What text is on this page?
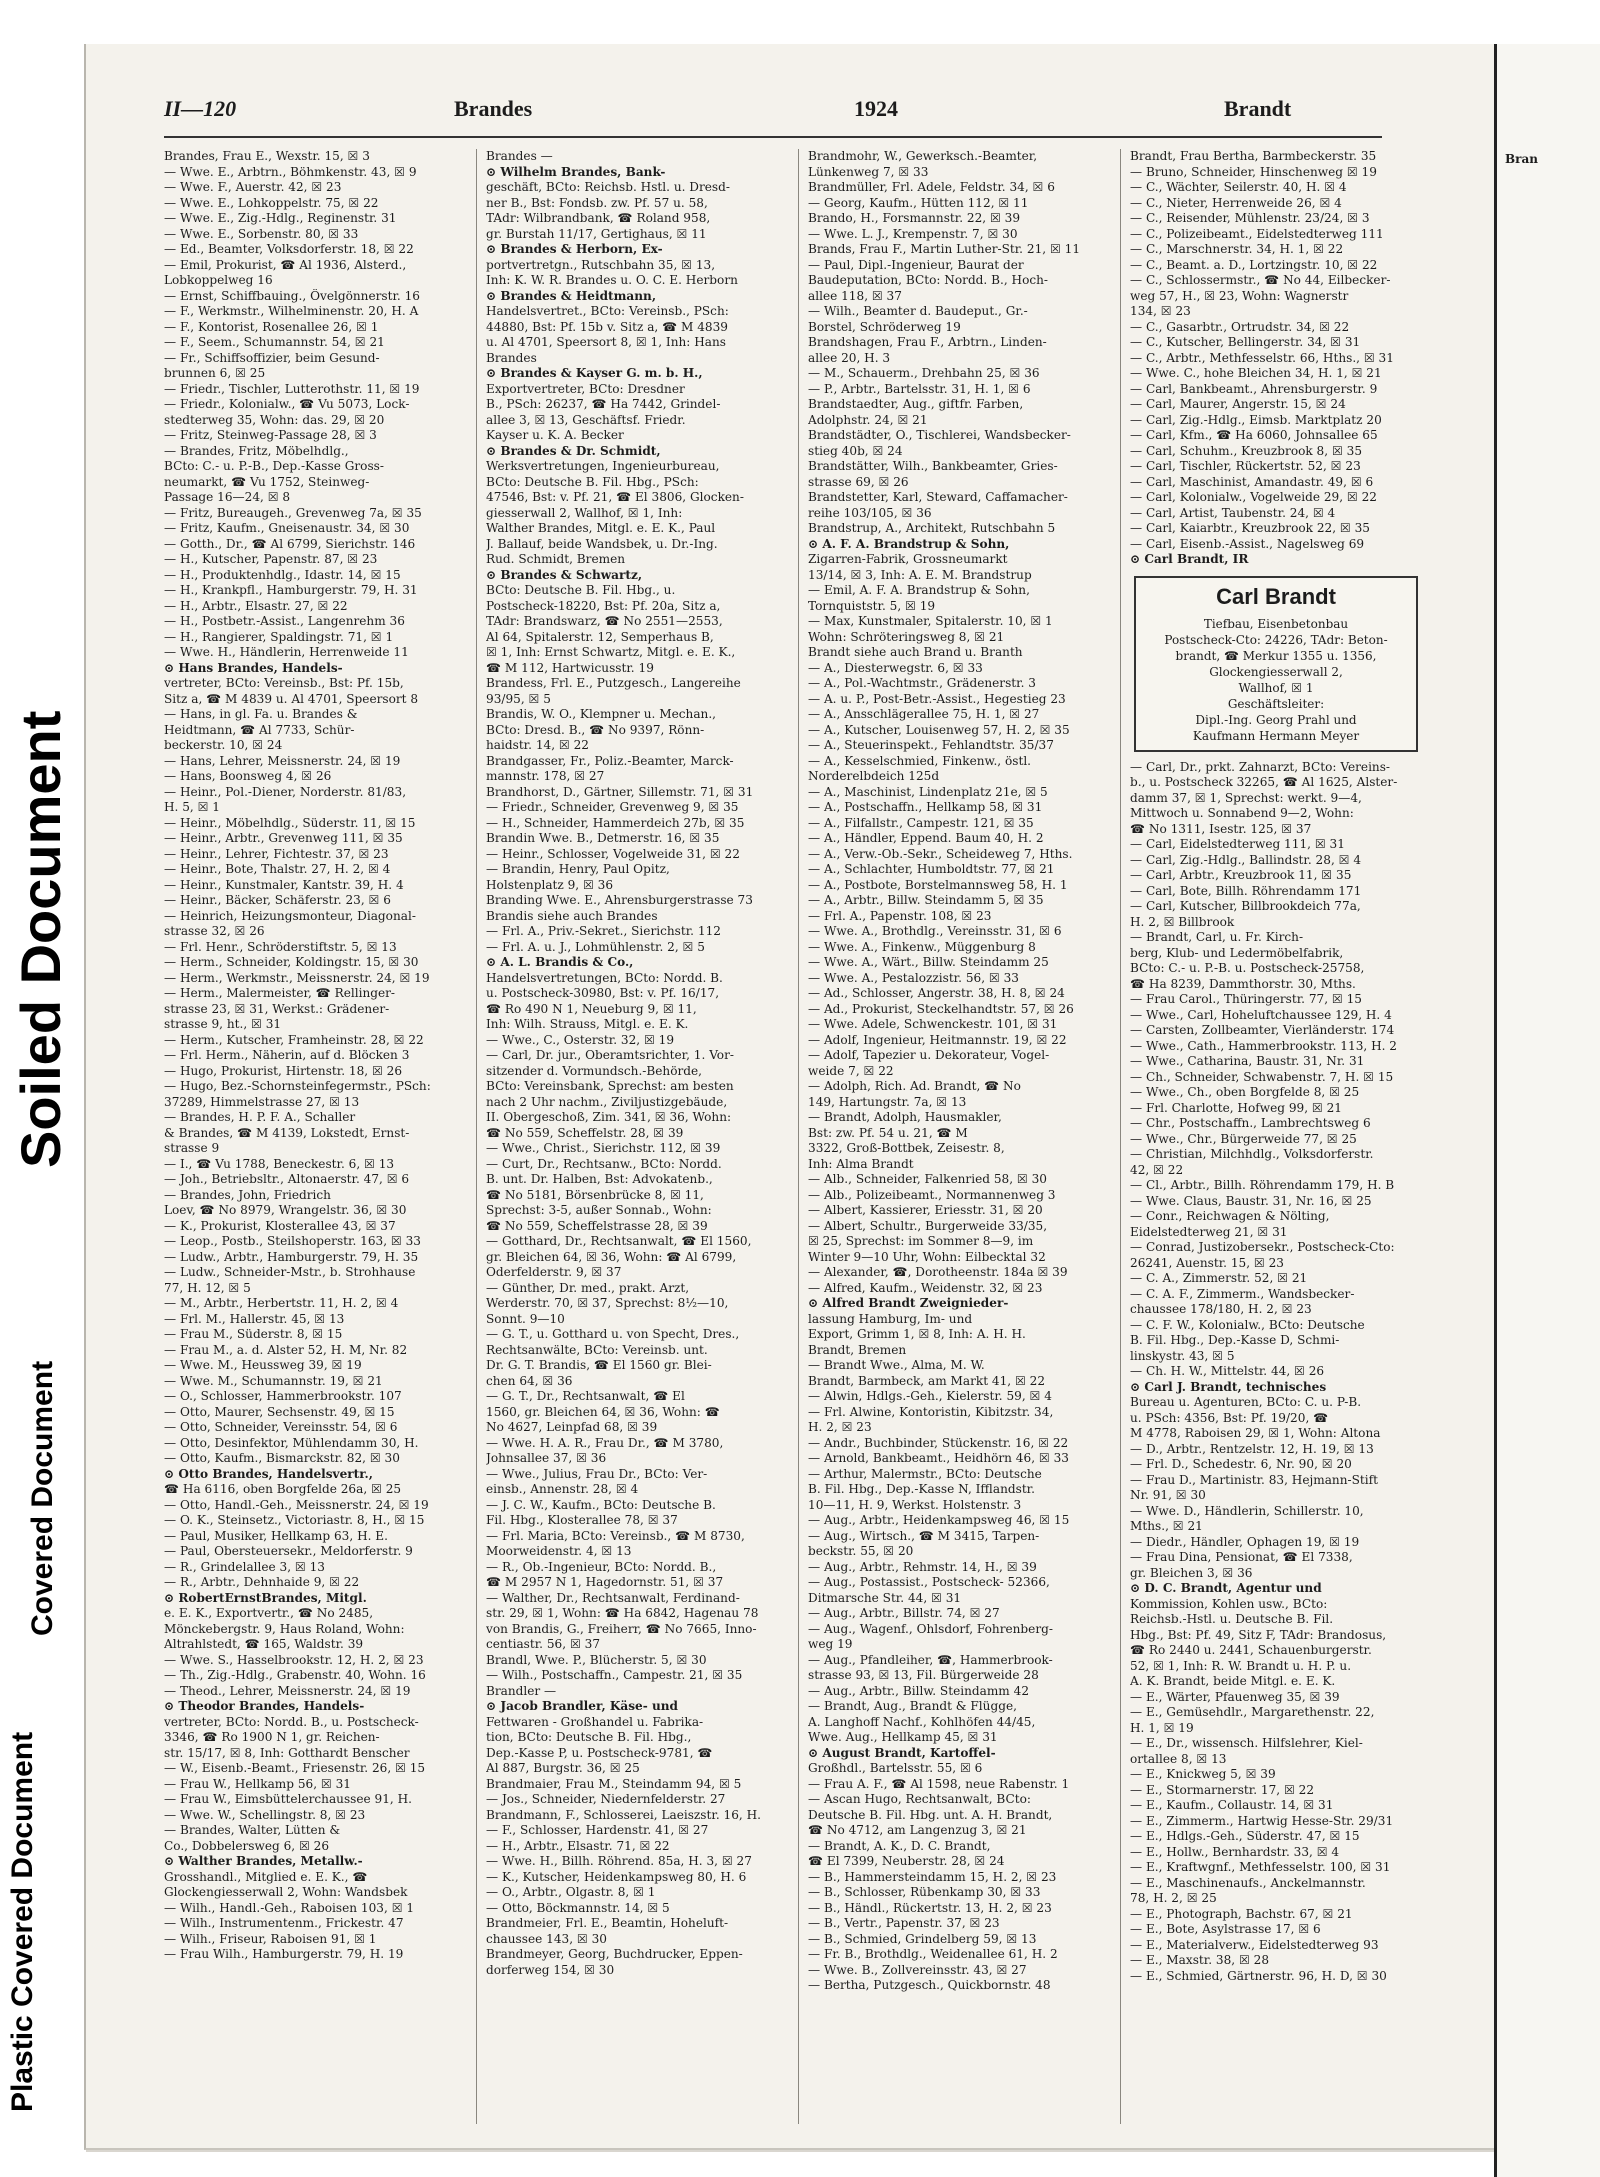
Soiled Document
Covered Document
Plastic Covered Document
II—120	Brandes	1924	Brandt
Brandes, Frau E., Wexstr. 15, ☒ 3
— Wwe. E., Arbtrn., Böhmkenstr. 43, ☒ 9
— Wwe. F., Auerstr. 42, ☒ 23
— Wwe. E., Lohkoppelstr. 75, ☒ 22
— Wwe. E., Zig.-Hdlg., Reginenstr. 31
— Wwe. E., Sorbenstr. 80, ☒ 33
— Ed., Beamter, Volksdorferstr. 18, ☒ 22
— Emil, Prokurist, ☎ Al 1936, Alsterd.,
Lobkoppelweg 16
— Ernst, Schiffbauing., Övelgönnerstr. 16
— F., Werkmstr., Wilhelminenstr. 20, H. A
— F., Kontorist, Rosenallee 26, ☒ 1
— F., Seem., Schumannstr. 54, ☒ 21
— Fr., Schiffsoffizier, beim Gesund-
brunnen 6, ☒ 25
— Friedr., Tischler, Lutterothstr. 11, ☒ 19
— Friedr., Kolonialw., ☎ Vu 5073, Lock-
stedterweg 35, Wohn: das. 29, ☒ 20
— Fritz, Steinweg-Passage 28, ☒ 3
— Brandes, Fritz, Möbelhdlg.,
BCto: C.- u. P.-B., Dep.-Kasse Gross-
neumarkt, ☎ Vu 1752, Steinweg-
Passage 16—24, ☒ 8
— Fritz, Bureaugeh., Grevenweg 7a, ☒ 35
— Fritz, Kaufm., Gneisenaustr. 34, ☒ 30
— Gotth., Dr., ☎ Al 6799, Sierichstr. 146
— H., Kutscher, Papenstr. 87, ☒ 23
— H., Produktenhdlg., Idastr. 14, ☒ 15
— H., Krankpfl., Hamburgerstr. 79, H. 31
— H., Arbtr., Elsastr. 27, ☒ 22
— H., Postbetr.-Assist., Langenrehm 36
— H., Rangierer, Spaldingstr. 71, ☒ 1
— Wwe. H., Händlerin, Herrenweide 11
⊙ Hans Brandes, Handels-
vertreter, BCto: Vereinsb., Bst: Pf. 15b,
Sitz a, ☎ M 4839 u. Al 4701, Speersort 8
— Hans, in gl. Fa. u. Brandes &
Heidtmann, ☎ Al 7733, Schür-
beckerstr. 10, ☒ 24
— Hans, Lehrer, Meissnerstr. 24, ☒ 19
— Hans, Boonsweg 4, ☒ 26
— Heinr., Pol.-Diener, Norderstr. 81/83,
H. 5, ☒ 1
— Heinr., Möbelhdlg., Süderstr. 11, ☒ 15
— Heinr., Arbtr., Grevenweg 111, ☒ 35
— Heinr., Lehrer, Fichtestr. 37, ☒ 23
— Heinr., Bote, Thalstr. 27, H. 2, ☒ 4
— Heinr., Kunstmaler, Kantstr. 39, H. 4
— Heinr., Bäcker, Schäferstr. 23, ☒ 6
— Heinrich, Heizungsmonteur, Diagonal-
strasse 32, ☒ 26
— Frl. Henr., Schröderstiftstr. 5, ☒ 13
— Herm., Schneider, Koldingstr. 15, ☒ 30
— Herm., Werkmstr., Meissnerstr. 24, ☒ 19
— Herm., Malermeister, ☎ Rellinger-
strasse 23, ☒ 31, Werkst.: Grädener-
strasse 9, ht., ☒ 31
— Herm., Kutscher, Framheinstr. 28, ☒ 22
— Frl. Herm., Näherin, auf d. Blöcken 3
— Hugo, Prokurist, Hirtenstr. 18, ☒ 26
— Hugo, Bez.-Schornsteinfegermstr., PSch:
37289, Himmelstrasse 27, ☒ 13
— Brandes, H. P. F. A., Schaller
& Brandes, ☎ M 4139, Lokstedt, Ernst-
strasse 9
— I., ☎ Vu 1788, Beneckestr. 6, ☒ 13
— Joh., Betriebsltr., Altonaerstr. 47, ☒ 6
— Brandes, John, Friedrich
Loev, ☎ No 8979, Wrangelstr. 36, ☒ 30
— K., Prokurist, Klosterallee 43, ☒ 37
— Leop., Postb., Steilshoperstr. 163, ☒ 33
— Ludw., Arbtr., Hamburgerstr. 79, H. 35
— Ludw., Schneider-Mstr., b. Strohhause
77, H. 12, ☒ 5
— M., Arbtr., Herbertstr. 11, H. 2, ☒ 4
— Frl. M., Hallerstr. 45, ☒ 13
— Frau M., Süderstr. 8, ☒ 15
— Frau M., a. d. Alster 52, H. M, Nr. 82
— Wwe. M., Heussweg 39, ☒ 19
— Wwe. M., Schumannstr. 19, ☒ 21
— O., Schlosser, Hammerbrookstr. 107
— Otto, Maurer, Sechsenstr. 49, ☒ 15
— Otto, Schneider, Vereinsstr. 54, ☒ 6
— Otto, Desinfektor, Mühlendamm 30, H.
— Otto, Kaufm., Bismarckstr. 82, ☒ 30
⊙ Otto Brandes, Handelsvertr.,
☎ Ha 6116, oben Borgfelde 26a, ☒ 25
— Otto, Handl.-Geh., Meissnerstr. 24, ☒ 19
— O. K., Steinsetz., Victoriastr. 8, H., ☒ 15
— Paul, Musiker, Hellkamp 63, H. E.
— Paul, Obersteuersekr., Meldorferstr. 9
— R., Grindelallee 3, ☒ 13
— R., Arbtr., Dehnhaide 9, ☒ 22
⊙ RobertErnstBrandes, Mitgl.
e. E. K., Exportvertr., ☎ No 2485,
Mönckebergstr. 9, Haus Roland, Wohn:
Altrahlstedt, ☎ 165, Waldstr. 39
— Wwe. S., Hasselbrookstr. 12, H. 2, ☒ 23
— Th., Zig.-Hdlg., Grabenstr. 40, Wohn. 16
— Theod., Lehrer, Meissnerstr. 24, ☒ 19
⊙ Theodor Brandes, Handels-
vertreter, BCto: Nordd. B., u. Postscheck-
3346, ☎ Ro 1900 N 1, gr. Reichen-
str. 15/17, ☒ 8, Inh: Gotthardt Benscher
— W., Eisenb.-Beamt., Friesenstr. 26, ☒ 15
— Frau W., Hellkamp 56, ☒ 31
— Frau W., Eimsbüttelerchaussee 91, H.
— Wwe. W., Schellingstr. 8, ☒ 23
— Brandes, Walter, Lütten &
Co., Dobbelersweg 6, ☒ 26
⊙ Walther Brandes, Metallw.-
Grosshandl., Mitglied e. E. K., ☎
Glockengiesserwall 2, Wohn: Wandsbek
— Wilh., Handl.-Geh., Raboisen 103, ☒ 1
— Wilh., Instrumentenm., Frickestr. 47
— Wilh., Friseur, Raboisen 91, ☒ 1
— Frau Wilh., Hamburgerstr. 79, H. 19
Brandes —
⊙ Wilhelm Brandes, Bank-
geschäft, BCto: Reichsb. Hstl. u. Dresd-
ner B., Bst: Fondsb. zw. Pf. 57 u. 58,
TAdr: Wilbrandbank, ☎ Roland 958,
gr. Burstah 11/17, Gertighaus, ☒ 11
⊙ Brandes & Herborn, Ex-
portvertretgn., Rutschbahn 35, ☒ 13,
Inh: K. W. R. Brandes u. O. C. E. Herborn
⊙ Brandes & Heidtmann,
Handelsvertret., BCto: Vereinsb., PSch:
44880, Bst: Pf. 15b v. Sitz a, ☎ M 4839
u. Al 4701, Speersort 8, ☒ 1, Inh: Hans
Brandes
⊙ Brandes & Kayser G. m. b. H.,
Exportvertreter, BCto: Dresdner
B., PSch: 26237, ☎ Ha 7442, Grindel-
allee 3, ☒ 13, Geschäftsf. Friedr.
Kayser u. K. A. Becker
⊙ Brandes & Dr. Schmidt,
Werksvertretungen, Ingenieurbureau,
BCto: Deutsche B. Fil. Hbg., PSch:
47546, Bst: v. Pf. 21, ☎ El 3806, Glocken-
giesserwall 2, Wallhof, ☒ 1, Inh:
Walther Brandes, Mitgl. e. E. K., Paul
J. Ballauf, beide Wandsbek, u. Dr.-Ing.
Rud. Schmidt, Bremen
⊙ Brandes & Schwartz,
BCto: Deutsche B. Fil. Hbg., u.
Postscheck-18220, Bst: Pf. 20a, Sitz a,
TAdr: Brandswarz, ☎ No 2551—2553,
Al 64, Spitalerstr. 12, Semperhaus B,
☒ 1, Inh: Ernst Schwartz, Mitgl. e. E. K.,
☎ M 112, Hartwicusstr. 19
Brandess, Frl. E., Putzgesch., Langereihe
93/95, ☒ 5
Brandis, W. O., Klempner u. Mechan.,
BCto: Dresd. B., ☎ No 9397, Rönn-
haidstr. 14, ☒ 22
Brandgasser, Fr., Poliz.-Beamter, Marck-
mannstr. 178, ☒ 27
Brandhorst, D., Gärtner, Sillemstr. 71, ☒ 31
— Friedr., Schneider, Grevenweg 9, ☒ 35
— H., Schneider, Hammerdeich 27b, ☒ 35
Brandin Wwe. B., Detmerstr. 16, ☒ 35
— Heinr., Schlosser, Vogelweide 31, ☒ 22
— Brandin, Henry, Paul Opitz,
Holstenplatz 9, ☒ 36
Branding Wwe. E., Ahrensburgerstrasse 73
Brandis siehe auch Brandes
— Frl. A., Priv.-Sekret., Sierichstr. 112
— Frl. A. u. J., Lohmühlenstr. 2, ☒ 5
⊙ A. L. Brandis & Co.,
Handelsvertretungen, BCto: Nordd. B.
u. Postscheck-30980, Bst: v. Pf. 16/17,
☎ Ro 490 N 1, Neueburg 9, ☒ 11,
Inh: Wilh. Strauss, Mitgl. e. E. K.
— Wwe., C., Osterstr. 32, ☒ 19
— Carl, Dr. jur., Oberamtsrichter, 1. Vor-
sitzender d. Vormundsch.-Behörde,
BCto: Vereinsbank, Sprechst: am besten
nach 2 Uhr nachm., Ziviljustizgebäude,
II. Obergeschoß, Zim. 341, ☒ 36, Wohn:
☎ No 559, Scheffelstr. 28, ☒ 39
— Wwe., Christ., Sierichstr. 112, ☒ 39
— Curt, Dr., Rechtsanw., BCto: Nordd.
B. unt. Dr. Halben, Bst: Advokatenb.,
☎ No 5181, Börsenbrücke 8, ☒ 11,
Sprechst: 3-5, außer Sonnab., Wohn:
☎ No 559, Scheffelstrasse 28, ☒ 39
— Gotthard, Dr., Rechtsanwalt, ☎ El 1560,
gr. Bleichen 64, ☒ 36, Wohn: ☎ Al 6799,
Oderfelderstr. 9, ☒ 37
— Günther, Dr. med., prakt. Arzt,
Werderstr. 70, ☒ 37, Sprechst: 8½—10,
Sonnt. 9—10
— G. T., u. Gotthard u. von Specht, Dres.,
Rechtsanwälte, BCto: Vereinsb. unt.
Dr. G. T. Brandis, ☎ El 1560 gr. Blei-
chen 64, ☒ 36
— G. T., Dr., Rechtsanwalt, ☎ El
1560, gr. Bleichen 64, ☒ 36, Wohn: ☎
No 4627, Leinpfad 68, ☒ 39
— Wwe. H. A. R., Frau Dr., ☎ M 3780,
Johnsallee 37, ☒ 36
— Wwe., Julius, Frau Dr., BCto: Ver-
einsb., Annenstr. 28, ☒ 4
— J. C. W., Kaufm., BCto: Deutsche B.
Fil. Hbg., Klosterallee 78, ☒ 37
— Frl. Maria, BCto: Vereinsb., ☎ M 8730,
Moorweidenstr. 4, ☒ 13
— R., Ob.-Ingenieur, BCto: Nordd. B.,
☎ M 2957 N 1, Hagedornstr. 51, ☒ 37
— Walther, Dr., Rechtsanwalt, Ferdinand-
str. 29, ☒ 1, Wohn: ☎ Ha 6842, Hagenau 78
von Brandis, G., Freiherr, ☎ No 7665, Inno-
centiastr. 56, ☒ 37
Brandl, Wwe. P., Blücherstr. 5, ☒ 30
— Wilh., Postschaffn., Campestr. 21, ☒ 35
Brandler —
⊙ Jacob Brandler, Käse- und
Fettwaren - Großhandel u. Fabrika-
tion, BCto: Deutsche B. Fil. Hbg.,
Dep.-Kasse P, u. Postscheck-9781, ☎
Al 887, Burgstr. 36, ☒ 25
Brandmaier, Frau M., Steindamm 94, ☒ 5
— Jos., Schneider, Niedernfelderstr. 27
Brandmann, F., Schlosserei, Laeiszstr. 16, H.
— F., Schlosser, Hardenstr. 41, ☒ 27
— H., Arbtr., Elsastr. 71, ☒ 22
— Wwe. H., Billh. Röhrend. 85a, H. 3, ☒ 27
— K., Kutscher, Heidenkampsweg 80, H. 6
— O., Arbtr., Olgastr. 8, ☒ 1
— Otto, Böckmannstr. 14, ☒ 5
Brandmeier, Frl. E., Beamtin, Hoheluft-
chaussee 143, ☒ 30
Brandmeyer, Georg, Buchdrucker, Eppen-
dorferweg 154, ☒ 30
Brandmohr, W., Gewerksch.-Beamter,
Lünkenweg 7, ☒ 33
Brandmüller, Frl. Adele, Feldstr. 34, ☒ 6
— Georg, Kaufm., Hütten 112, ☒ 11
Brando, H., Forsmannstr. 22, ☒ 39
— Wwe. L. J., Krempenstr. 7, ☒ 30
Brands, Frau F., Martin Luther-Str. 21, ☒ 11
— Paul, Dipl.-Ingenieur, Baurat der
Baudeputation, BCto: Nordd. B., Hoch-
allee 118, ☒ 37
— Wilh., Beamter d. Baudeput., Gr.-
Borstel, Schröderweg 19
Brandshagen, Frau F., Arbtrn., Linden-
allee 20, H. 3
— M., Schauerm., Drehbahn 25, ☒ 36
— P., Arbtr., Bartelsstr. 31, H. 1, ☒ 6
Brandstaedter, Aug., giftfr. Farben,
Adolphstr. 24, ☒ 21
Brandstädter, O., Tischlerei, Wandsbecker-
stieg 40b, ☒ 24
Brandstätter, Wilh., Bankbeamter, Gries-
strasse 69, ☒ 26
Brandstetter, Karl, Steward, Caffamacher-
reihe 103/105, ☒ 36
Brandstrup, A., Architekt, Rutschbahn 5
⊙ A. F. A. Brandstrup & Sohn,
Zigarren-Fabrik, Grossneumarkt
13/14, ☒ 3, Inh: A. E. M. Brandstrup
— Emil, A. F. A. Brandstrup & Sohn,
Tornquiststr. 5, ☒ 19
— Max, Kunstmaler, Spitalerstr. 10, ☒ 1
Wohn: Schröteringsweg 8, ☒ 21
Brandt siehe auch Brand u. Branth
— A., Diesterwegstr. 6, ☒ 33
— A., Pol.-Wachtmstr., Grädenerstr. 3
— A. u. P., Post-Betr.-Assist., Hegestieg 23
— A., Ansschlägerallee 75, H. 1, ☒ 27
— A., Kutscher, Louisenweg 57, H. 2, ☒ 35
— A., Steuerinspekt., Fehlandtstr. 35/37
— A., Kesselschmied, Finkenw., östl.
Norderelbdeich 125d
— A., Maschinist, Lindenplatz 21e, ☒ 5
— A., Postschaffn., Hellkamp 58, ☒ 31
— A., Filfallstr., Campestr. 121, ☒ 35
— A., Händler, Eppend. Baum 40, H. 2
— A., Verw.-Ob.-Sekr., Scheideweg 7, Hths.
— A., Schlachter, Humboldtstr. 77, ☒ 21
— A., Postbote, Borstelmannsweg 58, H. 1
— A., Arbtr., Billw. Steindamm 5, ☒ 35
— Frl. A., Papenstr. 108, ☒ 23
— Wwe. A., Brothdlg., Vereinsstr. 31, ☒ 6
— Wwe. A., Finkenw., Müggenburg 8
— Wwe. A., Wärt., Billw. Steindamm 25
— Wwe. A., Pestalozzistr. 56, ☒ 33
— Ad., Schlosser, Angerstr. 38, H. 8, ☒ 24
— Ad., Prokurist, Steckelhandtstr. 57, ☒ 26
— Wwe. Adele, Schwenckestr. 101, ☒ 31
— Adolf, Ingenieur, Heitmannstr. 19, ☒ 22
— Adolf, Tapezier u. Dekorateur, Vogel-
weide 7, ☒ 22
— Adolph, Rich. Ad. Brandt, ☎ No
149, Hartungstr. 7a, ☒ 13
— Brandt, Adolph, Hausmakler,
Bst: zw. Pf. 54 u. 21, ☎ M
3322, Groß-Bottbek, Zeisestr. 8,
Inh: Alma Brandt
— Alb., Schneider, Falkenried 58, ☒ 30
— Alb., Polizeibeamt., Normannenweg 3
— Albert, Kassierer, Eriesstr. 31, ☒ 20
— Albert, Schultr., Burgerweide 33/35,
☒ 25, Sprechst: im Sommer 8—9, im
Winter 9—10 Uhr, Wohn: Eilbecktal 32
— Alexander, ☎, Dorotheenstr. 184a ☒ 39
— Alfred, Kaufm., Weidenstr. 32, ☒ 23
⊙ Alfred Brandt Zweignieder-
lassung Hamburg, Im- und
Export, Grimm 1, ☒ 8, Inh: A. H. H.
Brandt, Bremen
— Brandt Wwe., Alma, M. W.
Brandt, Barmbeck, am Markt 41, ☒ 22
— Alwin, Hdlgs.-Geh., Kielerstr. 59, ☒ 4
— Frl. Alwine, Kontoristin, Kibitzstr. 34,
H. 2, ☒ 23
— Andr., Buchbinder, Stückenstr. 16, ☒ 22
— Arnold, Bankbeamt., Heidhörn 46, ☒ 33
— Arthur, Malermstr., BCto: Deutsche
B. Fil. Hbg., Dep.-Kasse N, Ifflandstr.
10—11, H. 9, Werkst. Holstenstr. 3
— Aug., Arbtr., Heidenkampsweg 46, ☒ 15
— Aug., Wirtsch., ☎ M 3415, Tarpen-
beckstr. 55, ☒ 20
— Aug., Arbtr., Rehmstr. 14, H., ☒ 39
— Aug., Postassist., Postscheck- 52366,
Ditmarsche Str. 44, ☒ 31
— Aug., Arbtr., Billstr. 74, ☒ 27
— Aug., Wagenf., Ohlsdorf, Fohrenberg-
weg 19
— Aug., Pfandleiher, ☎, Hammerbrook-
strasse 93, ☒ 13, Fil. Bürgerweide 28
— Aug., Arbtr., Billw. Steindamm 42
— Brandt, Aug., Brandt & Flügge,
A. Langhoff Nachf., Kohlhöfen 44/45,
Wwe. Aug., Hellkamp 45, ☒ 31
⊙ August Brandt, Kartoffel-
Großhdl., Bartelsstr. 55, ☒ 6
— Frau A. F., ☎ Al 1598, neue Rabenstr. 1
— Ascan Hugo, Rechtsanwalt, BCto:
Deutsche B. Fil. Hbg. unt. A. H. Brandt,
☎ No 4712, am Langenzug 3, ☒ 21
— Brandt, A. K., D. C. Brandt,
☎ El 7399, Neuberstr. 28, ☒ 24
— B., Hammersteindamm 15, H. 2, ☒ 23
— B., Schlosser, Rübenkamp 30, ☒ 33
— B., Händl., Rückertstr. 13, H. 2, ☒ 23
— B., Vertr., Papenstr. 37, ☒ 23
— B., Schmied, Grindelberg 59, ☒ 13
— Fr. B., Brothdlg., Weidenallee 61, H. 2
— Wwe. B., Zollvereinsstr. 43, ☒ 27
— Bertha, Putzgesch., Quickbornstr. 48
Brandt, Frau Bertha, Barmbeckerstr. 35
— Bruno, Schneider, Hinschenweg ☒ 19
— C., Wächter, Seilerstr. 40, H. ☒ 4
— C., Nieter, Herrenweide 26, ☒ 4
— C., Reisender, Mühlenstr. 23/24, ☒ 3
— C., Polizeibeamt., Eidelstedterweg 111
— C., Marschnerstr. 34, H. 1, ☒ 22
— C., Beamt. a. D., Lortzingstr. 10, ☒ 22
— C., Schlossermstr., ☎ No 44, Eilbecker-
weg 57, H., ☒ 23, Wohn: Wagnerstr
134, ☒ 23
— C., Gasarbtr., Ortrudstr. 34, ☒ 22
— C., Kutscher, Bellingerstr. 34, ☒ 31
— C., Arbtr., Methfesselstr. 66, Hths., ☒ 31
— Wwe. C., hohe Bleichen 34, H. 1, ☒ 21
— Carl, Bankbeamt., Ahrensburgerstr. 9
— Carl, Maurer, Angerstr. 15, ☒ 24
— Carl, Zig.-Hdlg., Eimsb. Marktplatz 20
— Carl, Kfm., ☎ Ha 6060, Johnsallee 65
— Carl, Schuhm., Kreuzbrook 8, ☒ 35
— Carl, Tischler, Rückertstr. 52, ☒ 23
— Carl, Maschinist, Amandastr. 49, ☒ 6
— Carl, Kolonialw., Vogelweide 29, ☒ 22
— Carl, Artist, Taubenstr. 24, ☒ 4
— Carl, Kaiarbtr., Kreuzbrook 22, ☒ 35
— Carl, Eisenb.-Assist., Nagelsweg 69
⊙ Carl Brandt, IR
Carl Brandt
Tiefbau, Eisenbetonbau
Postscheck-Cto: 24226, TAdr: Beton-
brandt, ☎ Merkur 1355 u. 1356,
Glockengiesserwall 2,
Wallhof, ☒ 1
Geschäftsleiter:
Dipl.-Ing. Georg Prahl und
Kaufmann Hermann Meyer
— Carl, Dr., prkt. Zahnarzt, BCto: Vereins-
b., u. Postscheck 32265, ☎ Al 1625, Alster-
damm 37, ☒ 1, Sprechst: werkt. 9—4,
Mittwoch u. Sonnabend 9—2, Wohn:
☎ No 1311, Isestr. 125, ☒ 37
— Carl, Eidelstedterweg 111, ☒ 31
— Carl, Zig.-Hdlg., Ballindstr. 28, ☒ 4
— Carl, Arbtr., Kreuzbrook 11, ☒ 35
— Carl, Bote, Billh. Röhrendamm 171
— Carl, Kutscher, Billbrookdeich 77a,
H. 2, ☒ Billbrook
— Brandt, Carl, u. Fr. Kirch-
berg, Klub- und Ledermöbelfabrik,
BCto: C.- u. P.-B. u. Postscheck-25758,
☎ Ha 8239, Dammthorstr. 30, Mths.
— Frau Carol., Thüringerstr. 77, ☒ 15
— Wwe., Carl, Hoheluftchaussee 129, H. 4
— Carsten, Zollbeamter, Vierländerstr. 174
— Wwe., Cath., Hammerbrookstr. 113, H. 2
— Wwe., Catharina, Baustr. 31, Nr. 31
— Ch., Schneider, Schwabenstr. 7, H. ☒ 15
— Wwe., Ch., oben Borgfelde 8, ☒ 25
— Frl. Charlotte, Hofweg 99, ☒ 21
— Chr., Postschaffn., Lambrechtsweg 6
— Wwe., Chr., Bürgerweide 77, ☒ 25
— Christian, Milchhdlg., Volksdorferstr.
42, ☒ 22
— Cl., Arbtr., Billh. Röhrendamm 179, H. B
— Wwe. Claus, Baustr. 31, Nr. 16, ☒ 25
— Conr., Reichwagen & Nölting,
Eidelstedterweg 21, ☒ 31
— Conrad, Justizobersekr., Postscheck-Cto:
26241, Auenstr. 15, ☒ 23
— C. A., Zimmerstr. 52, ☒ 21
— C. A. F., Zimmerm., Wandsbecker-
chaussee 178/180, H. 2, ☒ 23
— C. F. W., Kolonialw., BCto: Deutsche
B. Fil. Hbg., Dep.-Kasse D, Schmi-
linskystr. 43, ☒ 5
— Ch. H. W., Mittelstr. 44, ☒ 26
⊙ Carl J. Brandt, technisches
Bureau u. Agenturen, BCto: C. u. P-B.
u. PSch: 4356, Bst: Pf. 19/20, ☎
M 4778, Raboisen 29, ☒ 1, Wohn: Altona
— D., Arbtr., Rentzelstr. 12, H. 19, ☒ 13
— Frl. D., Schedestr. 6, Nr. 90, ☒ 20
— Frau D., Martinistr. 83, Hejmann-Stift
Nr. 91, ☒ 30
— Wwe. D., Händlerin, Schillerstr. 10,
Mths., ☒ 21
— Diedr., Händler, Ophagen 19, ☒ 19
— Frau Dina, Pensionat, ☎ El 7338,
gr. Bleichen 3, ☒ 36
⊙ D. C. Brandt, Agentur und
Kommission, Kohlen usw., BCto:
Reichsb.-Hstl. u. Deutsche B. Fil.
Hbg., Bst: Pf. 49, Sitz F, TAdr: Brandosus,
☎ Ro 2440 u. 2441, Schauenburgerstr.
52, ☒ 1, Inh: R. W. Brandt u. H. P. u.
A. K. Brandt, beide Mitgl. e. E. K.
— E., Wärter, Pfauenweg 35, ☒ 39
— E., Gemüsehdlr., Margarethenstr. 22,
H. 1, ☒ 19
— E., Dr., wissensch. Hilfslehrer, Kiel-
ortallee 8, ☒ 13
— E., Knickweg 5, ☒ 39
— E., Stormarnerstr. 17, ☒ 22
— E., Kaufm., Collaustr. 14, ☒ 31
— E., Zimmerm., Hartwig Hesse-Str. 29/31
— E., Hdlgs.-Geh., Süderstr. 47, ☒ 15
— E., Hollw., Bernhardstr. 33, ☒ 4
— E., Kraftwgnf., Methfesselstr. 100, ☒ 31
— E., Maschinenaufs., Anckelmannstr.
78, H. 2, ☒ 25
— E., Photograph, Bachstr. 67, ☒ 21
— E., Bote, Asylstrasse 17, ☒ 6
— E., Materialverw., Eidelstedterweg 93
— E., Maxstr. 38, ☒ 28
— E., Schmied, Gärtnerstr. 96, H. D, ☒ 30
Bran
